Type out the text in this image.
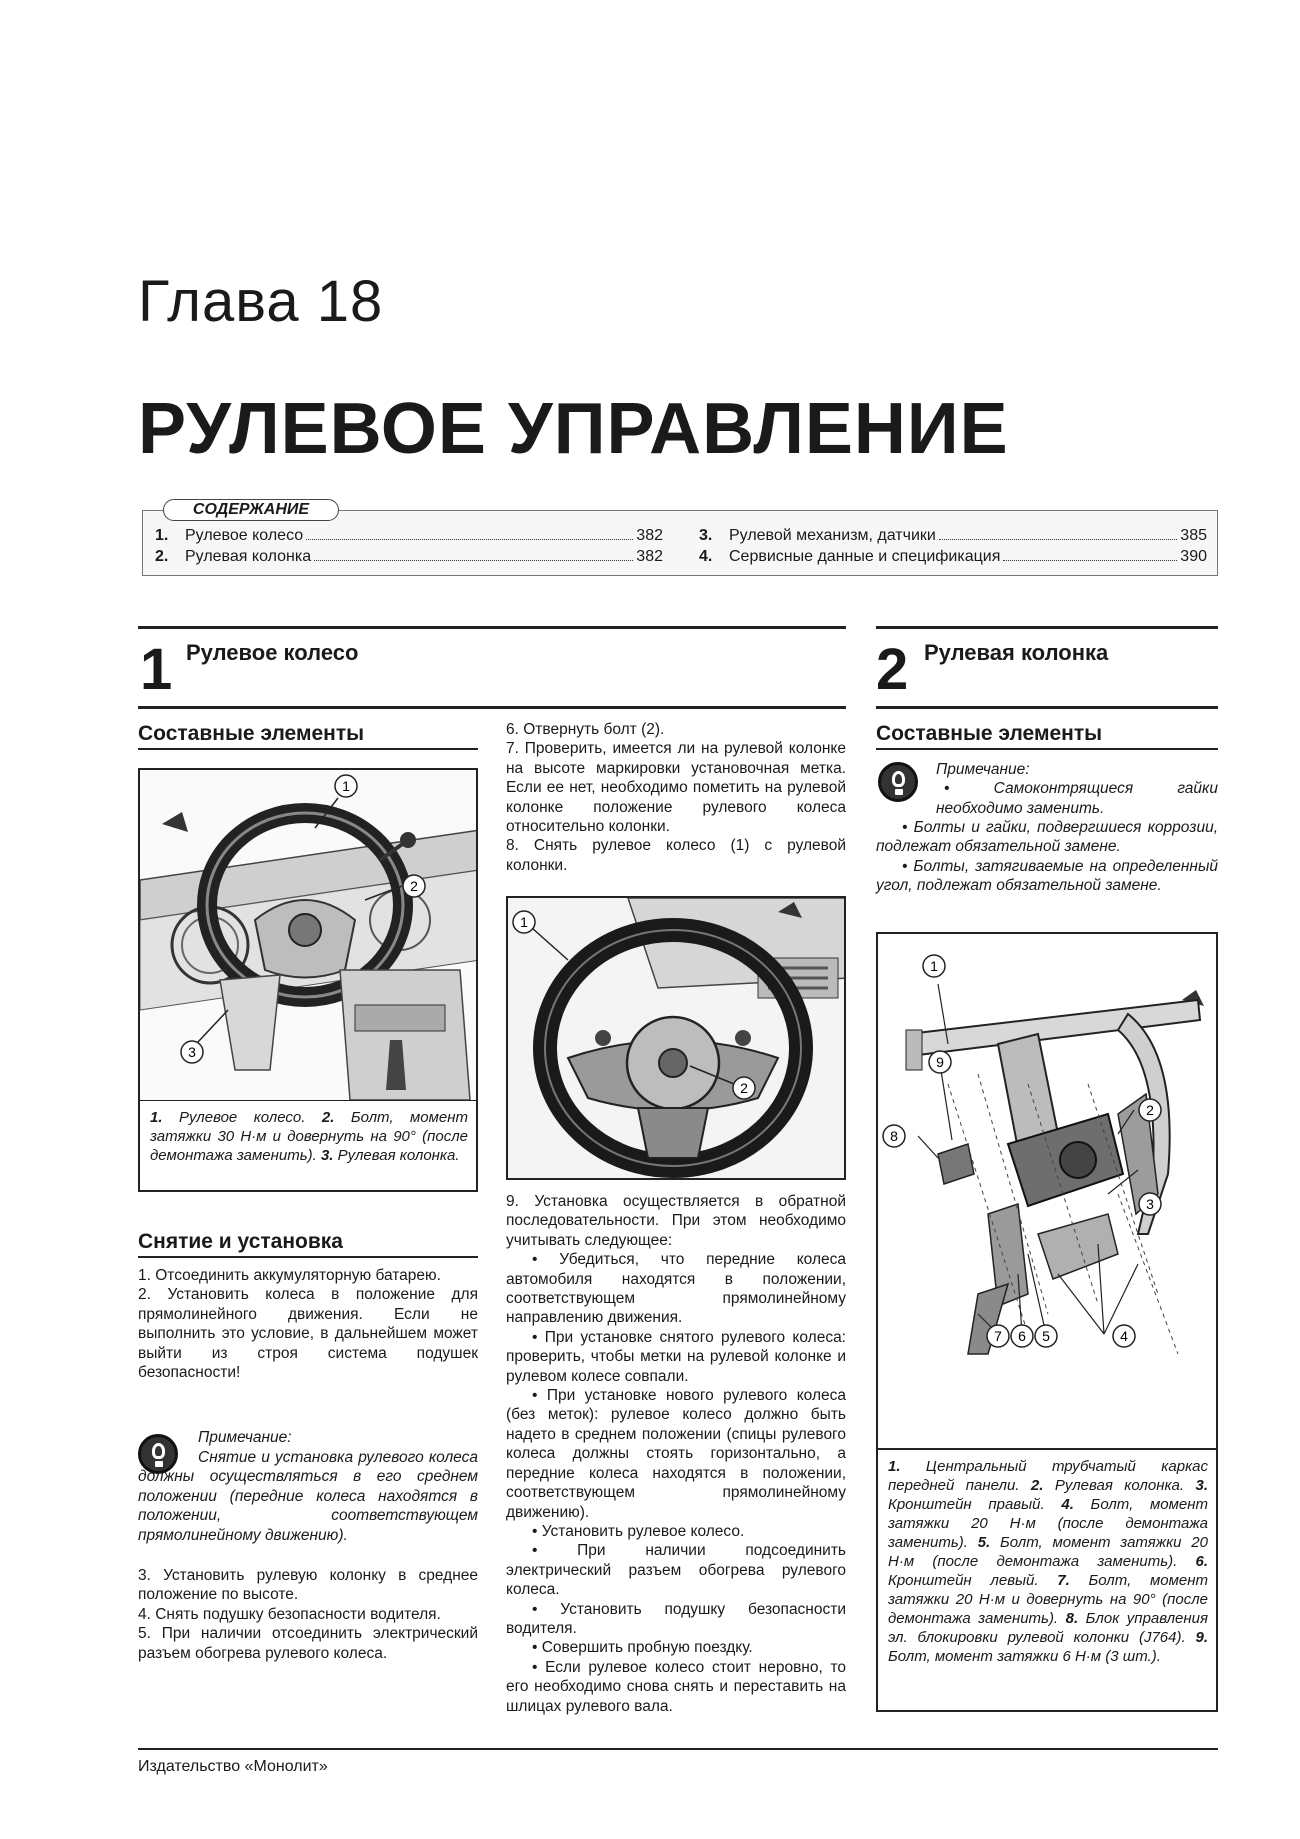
Глава 18
РУЛЕВОЕ УПРАВЛЕНИЕ
СОДЕРЖАНИЕ
1.	Рулевое колесо	382
2.	Рулевая колонка	382
3.	Рулевой механизм, датчики	385
4.	Сервисные данные и спецификация	390
1 Рулевое колесо
Составные элементы
1
2
3
1. Рулевое колесо. 2. Болт, момент затяжки 30 Н·м и довернуть на 90° (после демонтажа заменить). 3. Рулевая колонка.
Снятие и установка

1. Отсоединить аккумуляторную батарею.

2. Установить колеса в положение для прямолинейного движения. Если не выполнить это условие, в дальнейшем может выйти из строя система подушек безопасности!

Примечание:

Снятие и установка рулевого колеса должны осуществляться в его среднем положении (передние колеса находятся в положении, соответствующем прямолинейному движению).

3. Установить рулевую колонку в среднее положение по высоте.

4. Снять подушку безопасности водителя.

5. При наличии отсоединить электрический разъем обогрева рулевого колеса.

6. Отвернуть болт (2).

7. Проверить, имеется ли на рулевой колонке на высоте маркировки установочная метка. Если ее нет, необходимо пометить на рулевой колонке положение рулевого колеса относительно колонки.

8. Снять рулевое колесо (1) с рулевой колонки.

1
2

9. Установка осуществляется в обратной последовательности. При этом необходимо учитывать следующее:

• Убедиться, что передние колеса автомобиля находятся в положении, соответствующем прямолинейному направлению движения.

• При установке снятого рулевого колеса: проверить, чтобы метки на рулевой колонке и рулевом колесе совпали.

• При установке нового рулевого колеса (без меток): рулевое колесо должно быть надето в среднем положении (спицы рулевого колеса должны стоять горизонтально, а передние колеса находятся в положении, соответствующем прямолинейному движению).

• Установить рулевое колесо.

• При наличии подсоединить электрический разъем обогрева рулевого колеса.

• Установить подушку безопасности водителя.

• Совершить пробную поездку.

• Если рулевое колесо стоит неровно, то его необходимо снова снять и переставить на шлицах рулевого вала.

2 Рулевая колонка
Составные элементы

Примечание:

• Самоконтрящиеся гайки необходимо заменить.

• Болты и гайки, подвергшиеся коррозии, подлежат обязательной замене.

• Болты, затягиваемые на определенный угол, подлежат обязательной замене.

1
2
3
4
5
6
7
8
9
1. Центральный трубчатый каркас передней панели. 2. Рулевая колонка. 3. Кронштейн правый. 4. Болт, момент затяжки 20 Н·м (после демонтажа заменить). 5. Болт, момент затяжки 20 Н·м (после демонтажа заменить). 6. Кронштейн левый. 7. Болт, момент затяжки 20 Н·м и довернуть на 90° (после демонтажа заменить). 8. Блок управления эл. блокировки рулевой колонки (J764). 9. Болт, момент затяжки 6 Н·м (3 шт.).
Издательство «Монолит»
